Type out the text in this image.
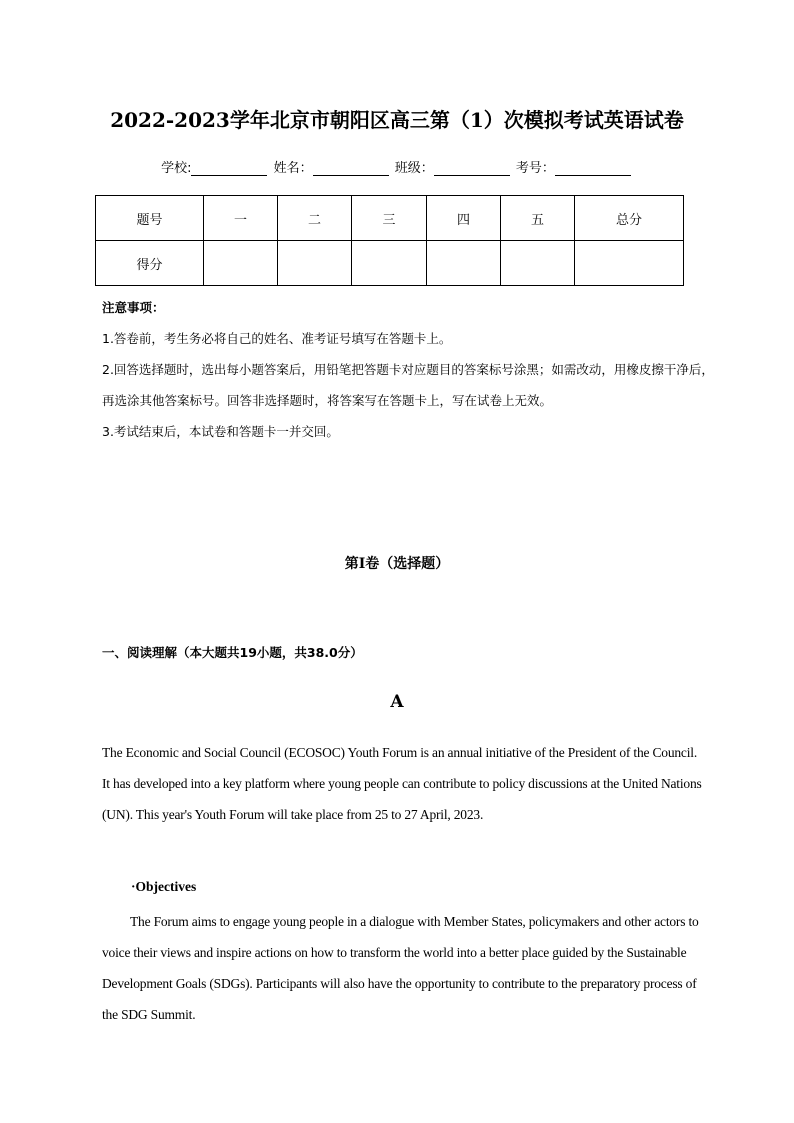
2022-2023学年北京市朝阳区高三第（1）次模拟考试英语试卷
学校:	姓名：	班级：	考号：
题号	一	二	三	四	五	总分
得分						
注意事项：
1.答卷前，考生务必将自己的姓名、准考证号填写在答题卡上。
2.回答选择题时，选出每小题答案后，用铅笔把答题卡对应题目的答案标号涂黑；如需改动，用橡皮擦干净后，再选涂其他答案标号。回答非选择题时，将答案写在答题卡上，写在试卷上无效。
3.考试结束后，本试卷和答题卡一并交回。
第I卷（选择题）
一、阅读理解（本大题共19小题，共38.0分）
A
The Economic and Social Council (ECOSOC) Youth Forum is an annual initiative of the President of the Council. It has developed into a key platform where young people can contribute to policy discussions at the United Nations (UN). This year's Youth Forum will take place from 25 to 27 April, 2023.
·Objectives
The Forum aims to engage young people in a dialogue with Member States, policymakers and other actors to voice their views and inspire actions on how to transform the world into a better place guided by the Sustainable Development Goals (SDGs). Participants will also have the opportunity to contribute to the preparatory process of the SDG Summit.
